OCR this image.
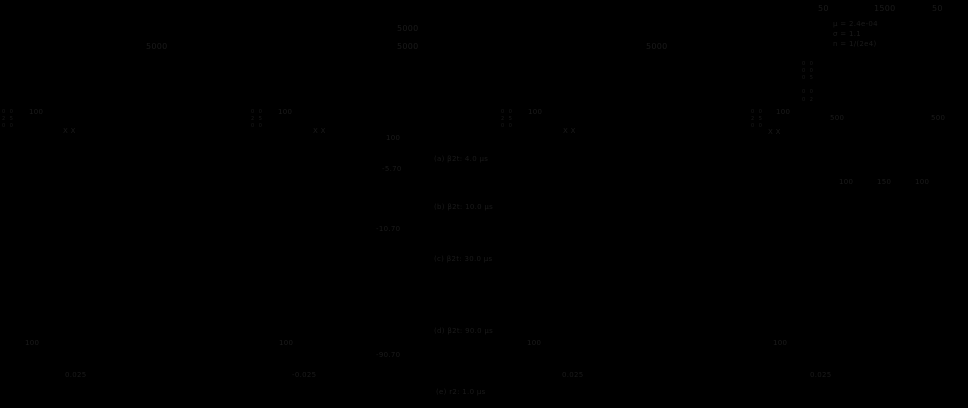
5000
5000
5000	5000
50	1500	50
μ = 2.4e-04
σ = 1.1
n = 1/(2e4)
0 0
0 0
0 5
0 0
0 2
0 0
2 5
0 0
100
X X
0 0
2 5
0 0
100
X X
0 0
2 5
0 0
100
X X
0 0
2 5
0 0
100
X X
500	500
100
-5.70
100	150	100
-10.70
(a) β2t: 4.0 µs
(b) β2t: 10.0 µs
(c) β2t: 30.0 µs
(d) β2t: 90.0 µs
-90.70
100	100	100	100
0.025	-0.025	0.025	0.025
(e) r2: 1.0 µs
